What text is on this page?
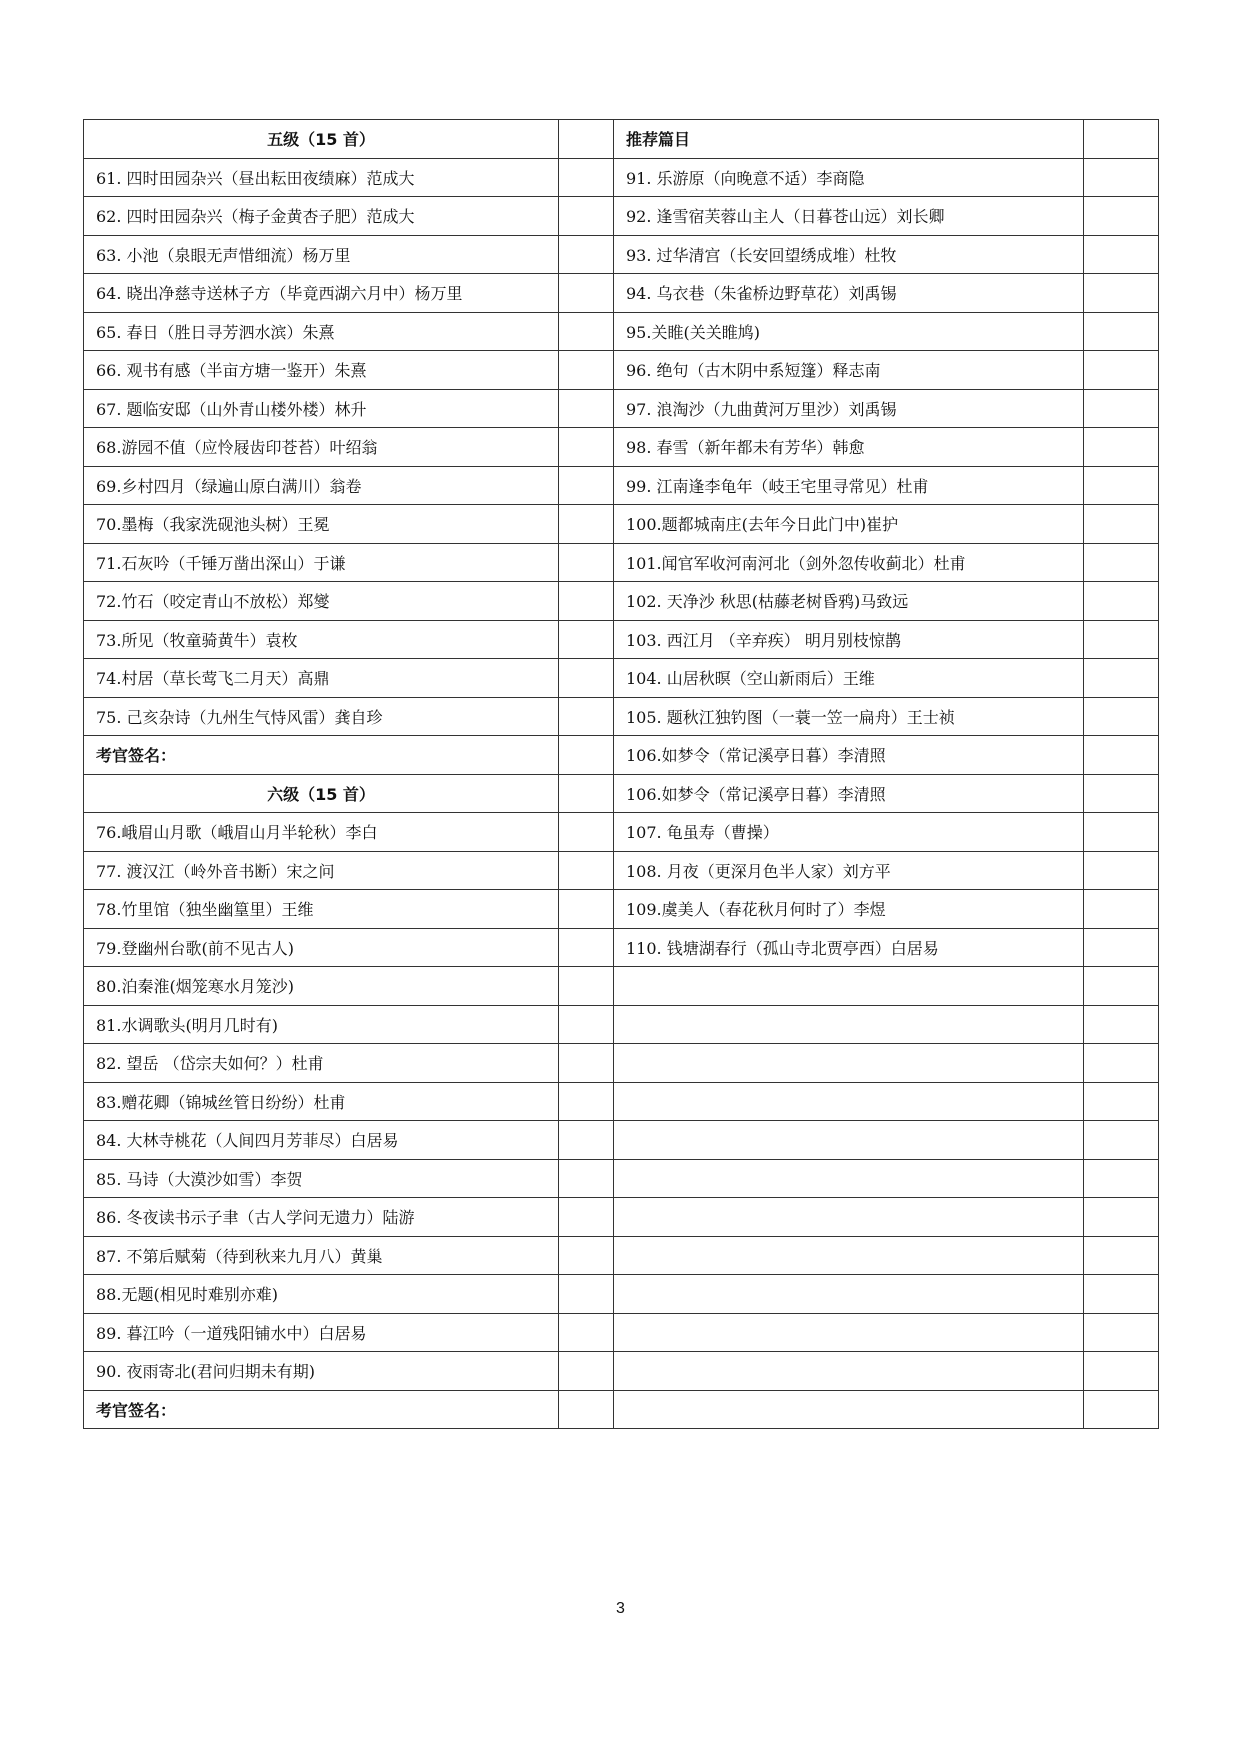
五级（15 首）		推荐篇目	
61. 四时田园杂兴（昼出耘田夜绩麻）范成大		91. 乐游原（向晚意不适）李商隐	
62. 四时田园杂兴（梅子金黄杏子肥）范成大		92. 逢雪宿芙蓉山主人（日暮苍山远）刘长卿	
63. 小池（泉眼无声惜细流）杨万里		93. 过华清宫（长安回望绣成堆）杜牧	
64. 晓出净慈寺送林子方（毕竟西湖六月中）杨万里		94. 乌衣巷（朱雀桥边野草花）刘禹锡	
65. 春日（胜日寻芳泗水滨）朱熹		95.关睢(关关睢鸠)	
66. 观书有感（半亩方塘一鉴开）朱熹		96. 绝句（古木阴中系短篷）释志南	
67. 题临安邸（山外青山楼外楼）林升		97. 浪淘沙（九曲黄河万里沙）刘禹锡	
68.游园不值（应怜屐齿印苍苔）叶绍翁		98. 春雪（新年都未有芳华）韩愈	
69.乡村四月（绿遍山原白满川）翁卷		99. 江南逢李龟年（岐王宅里寻常见）杜甫	
70.墨梅（我家洗砚池头树）王冕		100.题都城南庄(去年今日此门中)崔护	
71.石灰吟（千锤万凿出深山）于谦		101.闻官军收河南河北（剑外忽传收蓟北）杜甫	
72.竹石（咬定青山不放松）郑燮		102. 天净沙 秋思(枯藤老树昏鸦)马致远	
73.所见（牧童骑黄牛）袁枚		103. 西江月 （辛弃疾） 明月别枝惊鹊	
74.村居（草长莺飞二月天）高鼎		104. 山居秋暝（空山新雨后）王维	
75. 己亥杂诗（九州生气恃风雷）龚自珍		105. 题秋江独钓图（一蓑一笠一扁舟）王士祯	
考官签名：		106.如梦令（常记溪亭日暮）李清照	
六级（15 首）		106.如梦令（常记溪亭日暮）李清照	
76.峨眉山月歌（峨眉山月半轮秋）李白		107. 龟虽寿（曹操）	
77. 渡汉江（岭外音书断）宋之问		108. 月夜（更深月色半人家）刘方平	
78.竹里馆（独坐幽篁里）王维		109.虞美人（春花秋月何时了）李煜	
79.登幽州台歌(前不见古人)		110. 钱塘湖春行（孤山寺北贾亭西）白居易	
80.泊秦淮(烟笼寒水月笼沙)			
81.水调歌头(明月几时有)			
82. 望岳 （岱宗夫如何？）杜甫			
83.赠花卿（锦城丝管日纷纷）杜甫			
84. 大林寺桃花（人间四月芳菲尽）白居易			
85. 马诗（大漠沙如雪）李贺			
86. 冬夜读书示子聿（古人学问无遗力）陆游			
87. 不第后赋菊（待到秋来九月八）黄巢			
88.无题(相见时难别亦难)			
89. 暮江吟（一道残阳铺水中）白居易			
90. 夜雨寄北(君问归期未有期)			
考官签名：			
3
